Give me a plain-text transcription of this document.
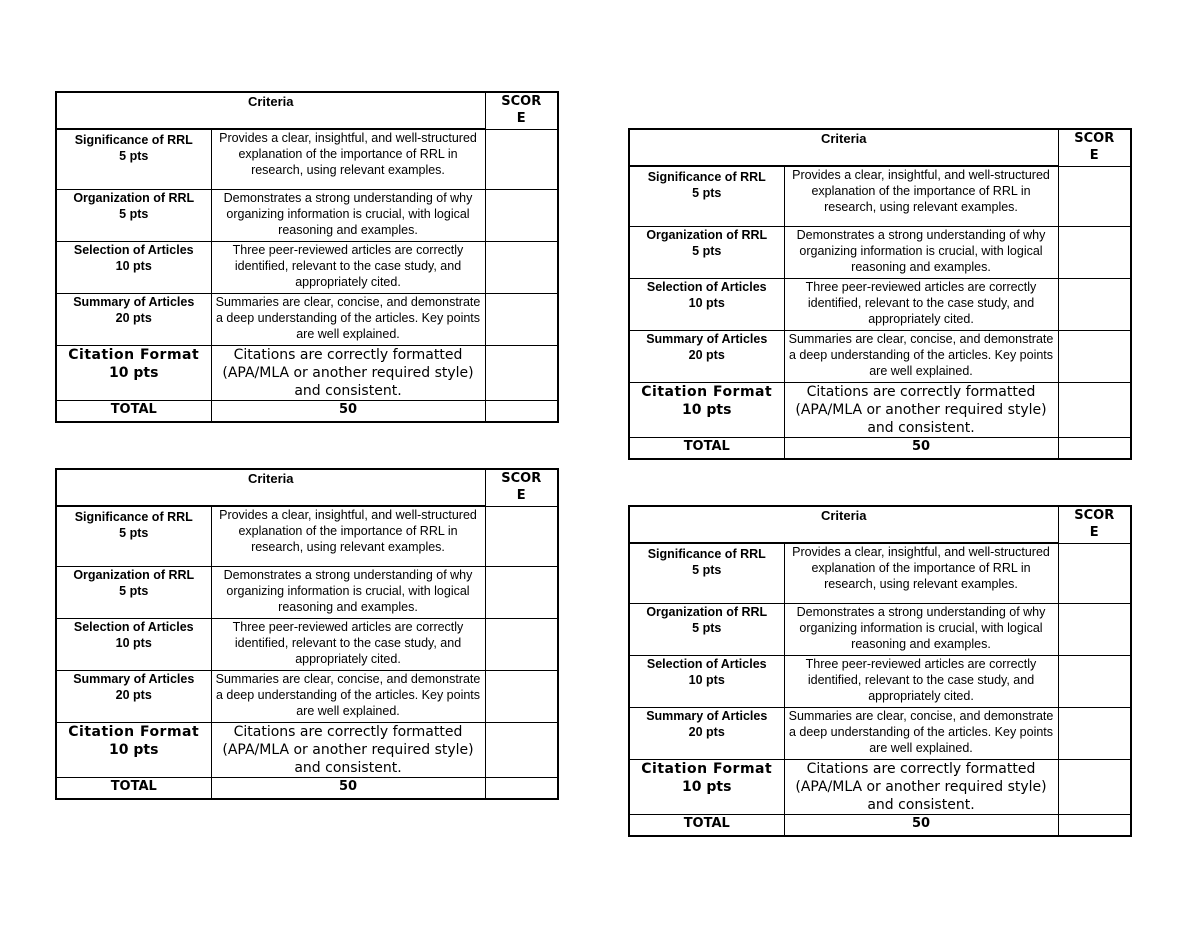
Criteria		SCOR
E

Significance of RRL
5 pts	Provides a clear, insightful, and well-structured explanation of the importance of RRL in research, using relevant examples.	

Organization of RRL
5 pts	Demonstrates a strong understanding of why organizing information is crucial, with logical reasoning and examples.	

Selection of Articles
10 pts	Three peer-reviewed articles are correctly identified, relevant to the case study, and appropriately cited.	

Summary of Articles
20 pts	Summaries are clear, concise, and demonstrate a deep understanding of the articles. Key points are well explained.	

Citation Format
10 pts	Citations are correctly formatted (APA/MLA or another required style) and consistent.	
TOTAL	50	
Criteria		SCOR
E

Significance of RRL
5 pts	Provides a clear, insightful, and well-structured explanation of the importance of RRL in research, using relevant examples.	

Organization of RRL
5 pts	Demonstrates a strong understanding of why organizing information is crucial, with logical reasoning and examples.	

Selection of Articles
10 pts	Three peer-reviewed articles are correctly identified, relevant to the case study, and appropriately cited.	

Summary of Articles
20 pts	Summaries are clear, concise, and demonstrate a deep understanding of the articles. Key points are well explained.	

Citation Format
10 pts	Citations are correctly formatted (APA/MLA or another required style) and consistent.	
TOTAL	50	
Criteria		SCOR
E

Significance of RRL
5 pts	Provides a clear, insightful, and well-structured explanation of the importance of RRL in research, using relevant examples.	

Organization of RRL
5 pts	Demonstrates a strong understanding of why organizing information is crucial, with logical reasoning and examples.	

Selection of Articles
10 pts	Three peer-reviewed articles are correctly identified, relevant to the case study, and appropriately cited.	

Summary of Articles
20 pts	Summaries are clear, concise, and demonstrate a deep understanding of the articles. Key points are well explained.	

Citation Format
10 pts	Citations are correctly formatted (APA/MLA or another required style) and consistent.	
TOTAL	50	
Criteria		SCOR
E

Significance of RRL
5 pts	Provides a clear, insightful, and well-structured explanation of the importance of RRL in research, using relevant examples.	

Organization of RRL
5 pts	Demonstrates a strong understanding of why organizing information is crucial, with logical reasoning and examples.	

Selection of Articles
10 pts	Three peer-reviewed articles are correctly identified, relevant to the case study, and appropriately cited.	

Summary of Articles
20 pts	Summaries are clear, concise, and demonstrate a deep understanding of the articles. Key points are well explained.	

Citation Format
10 pts	Citations are correctly formatted (APA/MLA or another required style) and consistent.	
TOTAL	50	
